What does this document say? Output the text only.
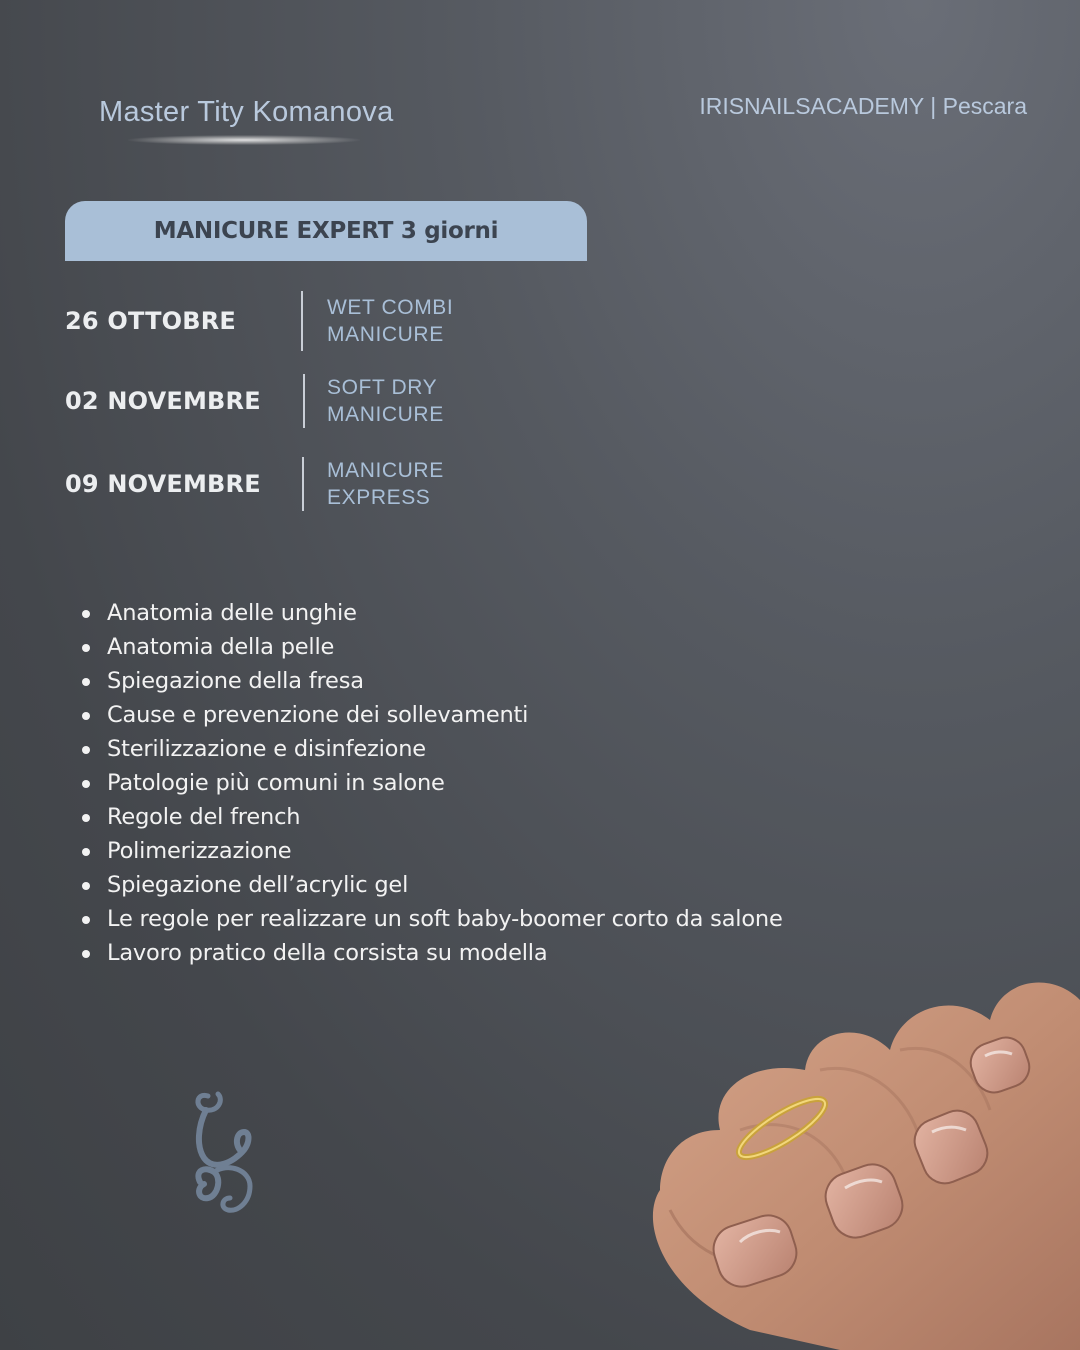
Master Tity Komanova	IRISNAILSACADEMY | Pescara
MANICURE EXPERT 3 giorni
26 OTTOBRE	WET COMBI
MANICURE
02 NOVEMBRE	SOFT DRY
MANICURE
09 NOVEMBRE	MANICURE
EXPRESS
Anatomia delle unghie
Anatomia della pelle
Spiegazione della fresa
Cause e prevenzione dei sollevamenti
Sterilizzazione e disinfezione
Patologie più comuni in salone
Regole del french
Polimerizzazione
Spiegazione dell’acrylic gel
Le regole per realizzare un soft baby-boomer corto da salone
Lavoro pratico della corsista su modella
